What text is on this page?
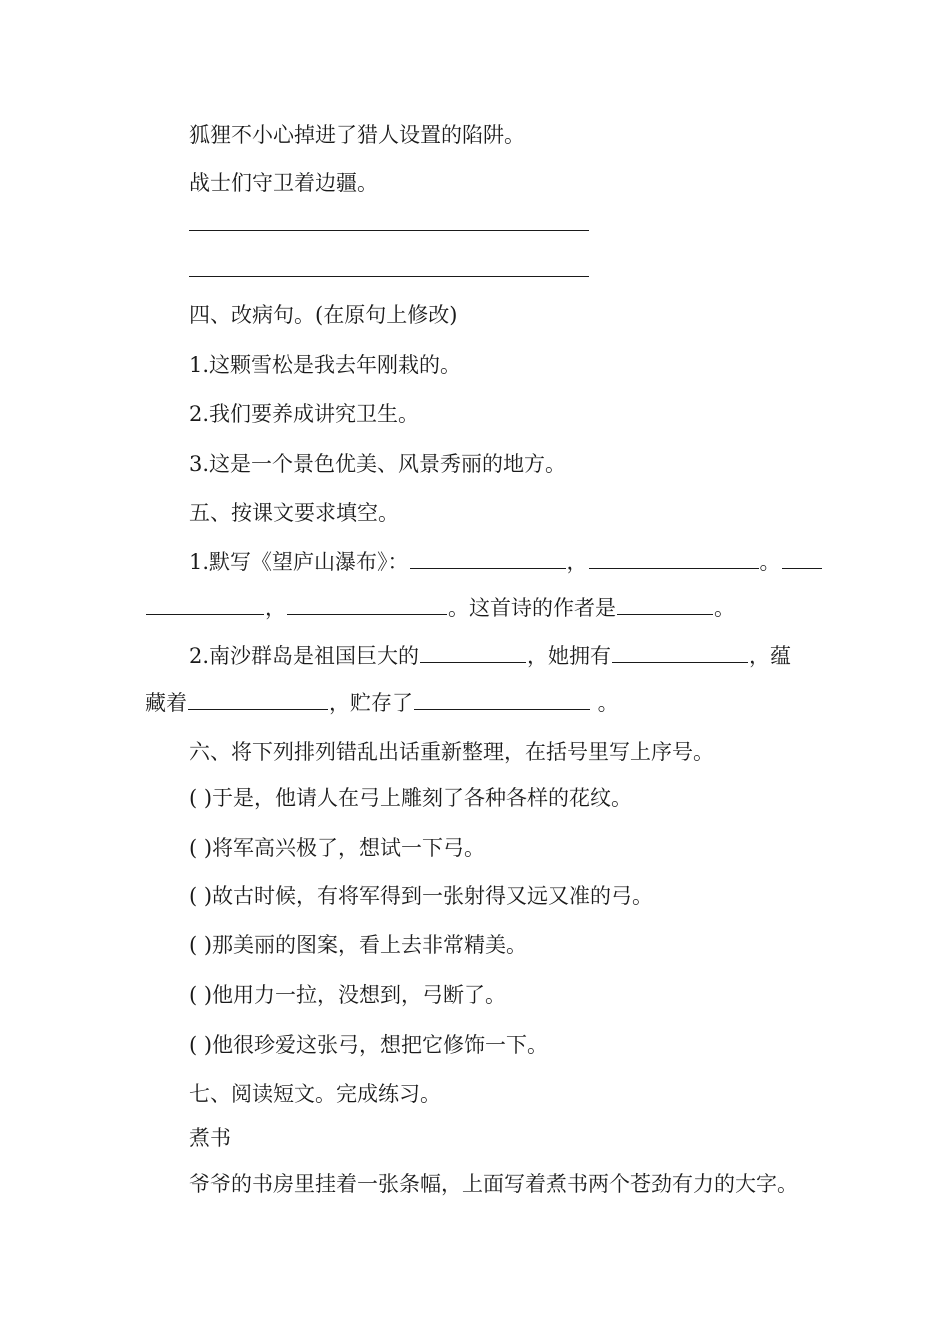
狐狸不小心掉进了猎人设置的陷阱。
战士们守卫着边疆。
四、改病句。(在原句上修改)
1.这颗雪松是我去年刚栽的。
2.我们要养成讲究卫生。
3.这是一个景色优美、风景秀丽的地方。
五、按课文要求填空。
1.默写《望庐山瀑布》：	，	。
，	。这首诗的作者是	。
2.南沙群岛是祖国巨大的	，她拥有	，蕴
藏着	，贮存了	。
六、将下列排列错乱出话重新整理，在括号里写上序号。
( )于是，他请人在弓上雕刻了各种各样的花纹。
( )将军高兴极了，想试一下弓。
( )故古时候，有将军得到一张射得又远又准的弓。
( )那美丽的图案，看上去非常精美。
( )他用力一拉，没想到，弓断了。
( )他很珍爱这张弓，想把它修饰一下。
七、阅读短文。完成练习。
煮书
爷爷的书房里挂着一张条幅，上面写着煮书两个苍劲有力的大字。
